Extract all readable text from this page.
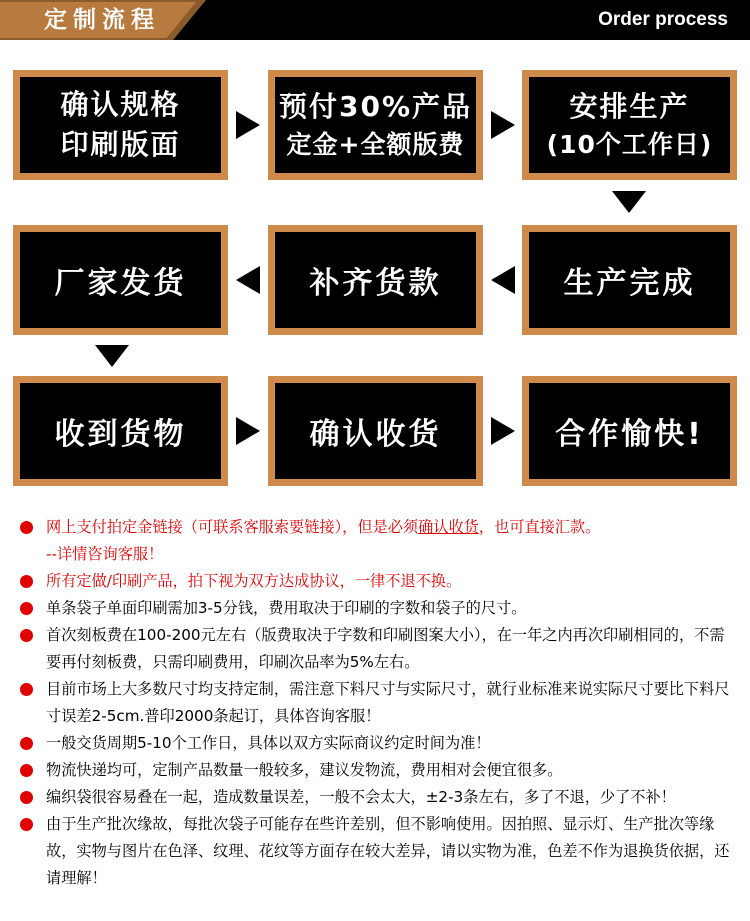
定制流程	Order process
确认规格
印刷版面
预付30%产品
定金+全额版费
安排生产
(10个工作日)
厂家发货	补齐货款	生产完成
收到货物	确认收货	合作愉快!
网上支付拍定金链接（可联系客服索要链接），但是必须确认收货，也可直接汇款。
--详情咨询客服！
所有定做/印刷产品，拍下视为双方达成协议，一律不退不换。
单条袋子单面印刷需加3-5分钱，费用取决于印刷的字数和袋子的尺寸。
首次刻板费在100-200元左右（版费取决于字数和印刷图案大小），在一年之内再次印刷相同的，不需要再付刻板费，只需印刷费用，印刷次品率为5%左右。
目前市场上大多数尺寸均支持定制，需注意下料尺寸与实际尺寸，就行业标准来说实际尺寸要比下料尺寸误差2-5cm.普印2000条起订，具体咨询客服！
一般交货周期5-10个工作日，具体以双方实际商议约定时间为准！
物流快递均可，定制产品数量一般较多，建议发物流，费用相对会便宜很多。
编织袋很容易叠在一起，造成数量误差，一般不会太大，±2-3条左右，多了不退，少了不补！
由于生产批次缘故，每批次袋子可能存在些许差别，但不影响使用。因拍照、显示灯、生产批次等缘故，实物与图片在色泽、纹理、花纹等方面存在较大差异，请以实物为准，色差不作为退换货依据，还请理解！
